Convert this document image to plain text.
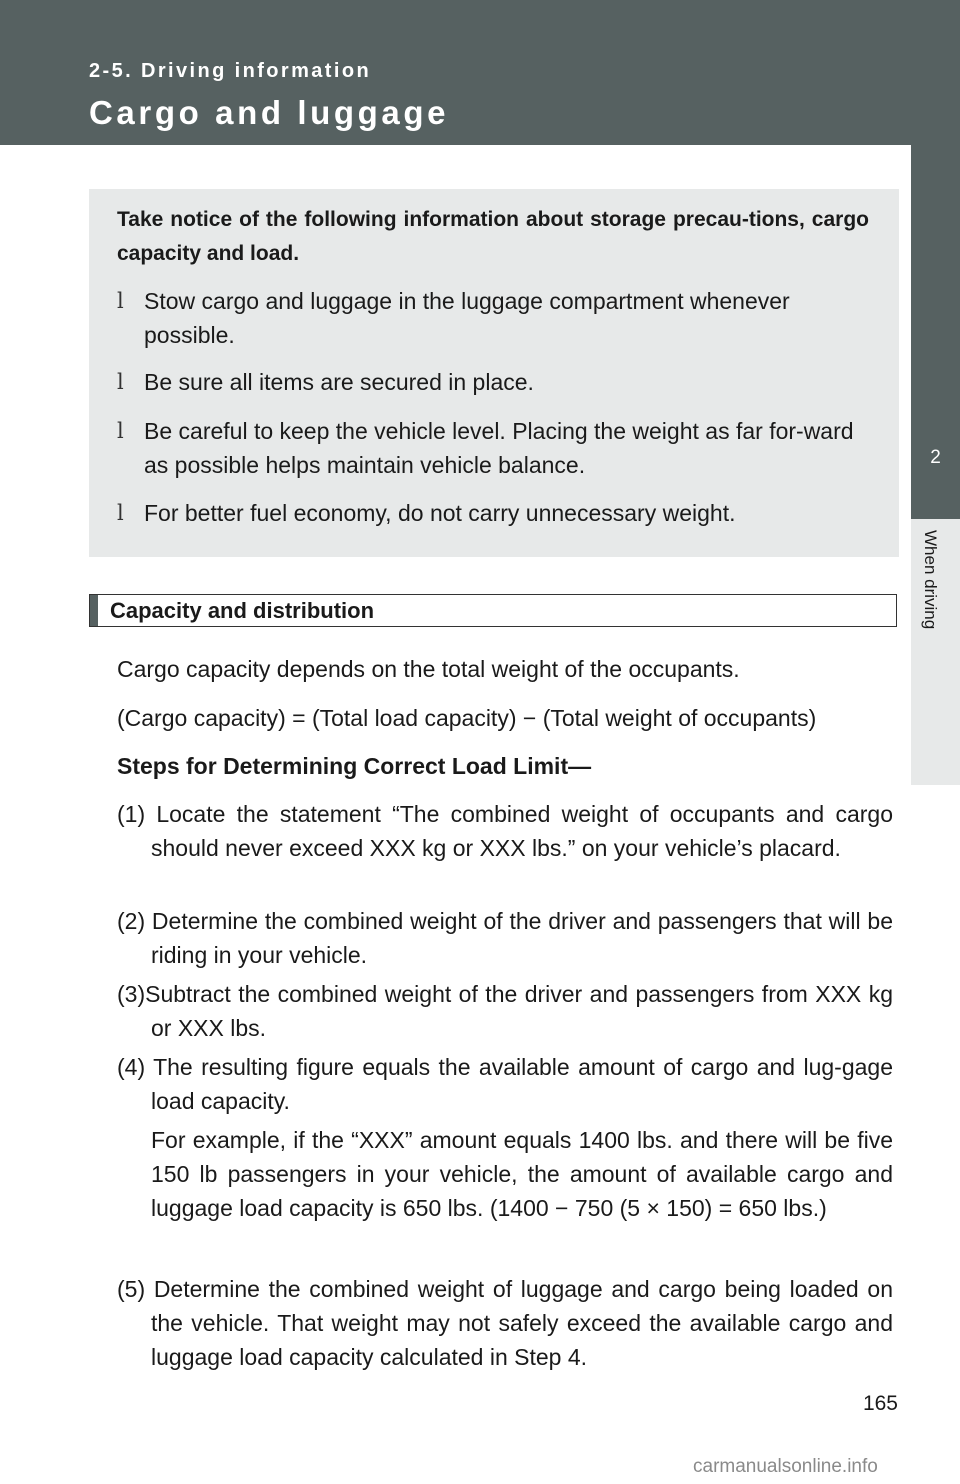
2-5. Driving information
Cargo and luggage
2
When driving
Take notice of the following information about storage precau-tions, cargo capacity and load.
l Stow cargo and luggage in the luggage compartment whenever possible.
l Be sure all items are secured in place.
l Be careful to keep the vehicle level. Placing the weight as far for-ward as possible helps maintain vehicle balance.
l For better fuel economy, do not carry unnecessary weight.
Capacity and distribution
Cargo capacity depends on the total weight of the occupants.
(Cargo capacity) = (Total load capacity) − (Total weight of occupants)
Steps for Determining Correct Load Limit—
(1) Locate the statement “The combined weight of occupants and cargo should never exceed XXX kg or XXX lbs.” on your vehicle’s placard.
(2) Determine the combined weight of the driver and passengers that will be riding in your vehicle.
(3)Subtract the combined weight of the driver and passengers from XXX kg or XXX lbs.
(4) The resulting figure equals the available amount of cargo and lug-gage load capacity.
For example, if the “XXX” amount equals 1400 lbs. and there will be five 150 lb passengers in your vehicle, the amount of available cargo and luggage load capacity is 650 lbs. (1400 − 750 (5 × 150) = 650 lbs.)
(5) Determine the combined weight of luggage and cargo being loaded on the vehicle. That weight may not safely exceed the available cargo and luggage load capacity calculated in Step 4.
165
carmanualsonline.info
